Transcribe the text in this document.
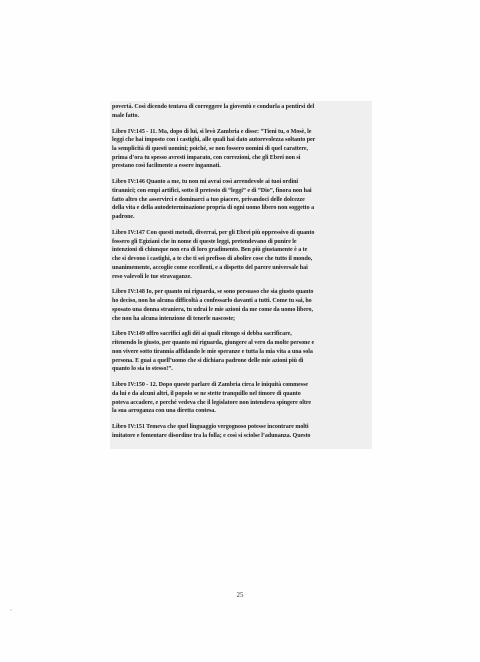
povertà. Così dicendo tentava di correggere la gioventù e condurla a pentirsi del
male fatto.

Libro IV:145 - 11. Ma, dopo di lui, si levò Zambria e disse: “Tieni tu, o Mosè, le
leggi che hai imposto con i castighi, alle quali hai dato autorevolezza soltanto per
la semplicità di questi uomini; poiché, se non fossero uomini di quel carattere,
prima d’ora tu spesso avresti imparato, con correzioni, che gli Ebrei non si
prestano così facilmente a essere ingannati.

Libro IV:146 Quanto a me, tu non mi avrai così arrendevole ai tuoi ordini
tirannici; con empi artifici, sotto il pretesto di “leggi” e di “Dio”, finora non hai
fatto altro che asservirci e dominarci a tuo piacere, privandoci delle dolcezze
della vita e della autodeterminazione propria di ogni uomo libero non soggetto a
padrone.

Libro IV:147 Con questi metodi, diverrai, per gli Ebrei più oppressivo di quanto
fossero gli Egiziani che in nome di queste leggi, pretendevano di punire le
intenzioni di chiunque non era di loro gradimento. Ben più giustamente è a te
che si devono i castighi, a te che ti sei prefisso di abolire cose che tutto il mondo,
unanimemente, accoglie come eccellenti, e a dispetto del parere universale hai
reso valevoli le tue stravaganze.

Libro IV:148 Io, per quanto mi riguarda, se sono persuaso che sia giusto quanto
ho deciso, non ho alcuna difficoltà a confessarlo davanti a tutti. Come tu sai, ho
sposato una donna straniera, tu udrai le mie azioni da me come da uomo libero,
che non ha alcuna intenzione di tenerle nascoste;

Libro IV:149 offro sacrifici agli dèi ai quali ritengo si debba sacrificare,
ritenendo lo giusto, per quanto mi riguarda, giungere al vero da molte persone e
non vivere sotto tirannia affidando le mie speranze e tutta la mia vita a una sola
persona. E guai a quell’uomo che si dichiara padrone delle mie azioni più di
quanto lo sia io stesso!”.

Libro IV:150 - 12. Dopo queste parlare di Zambria circa le iniquità commesse
da lui e da alcuni altri, il popolo se ne stette tranquillo nel timore di quanto
poteva accadere, e perché vedeva che il legislatore non intendeva spingere oltre
la sua arroganza con una diretta contesa.

Libro IV:151 Temeva che quel linguaggio vergognoso potesse incontrare molti
imitatore e fomentare disordine tra la folla; e così si sciolse l’adunanza. Questo

25
